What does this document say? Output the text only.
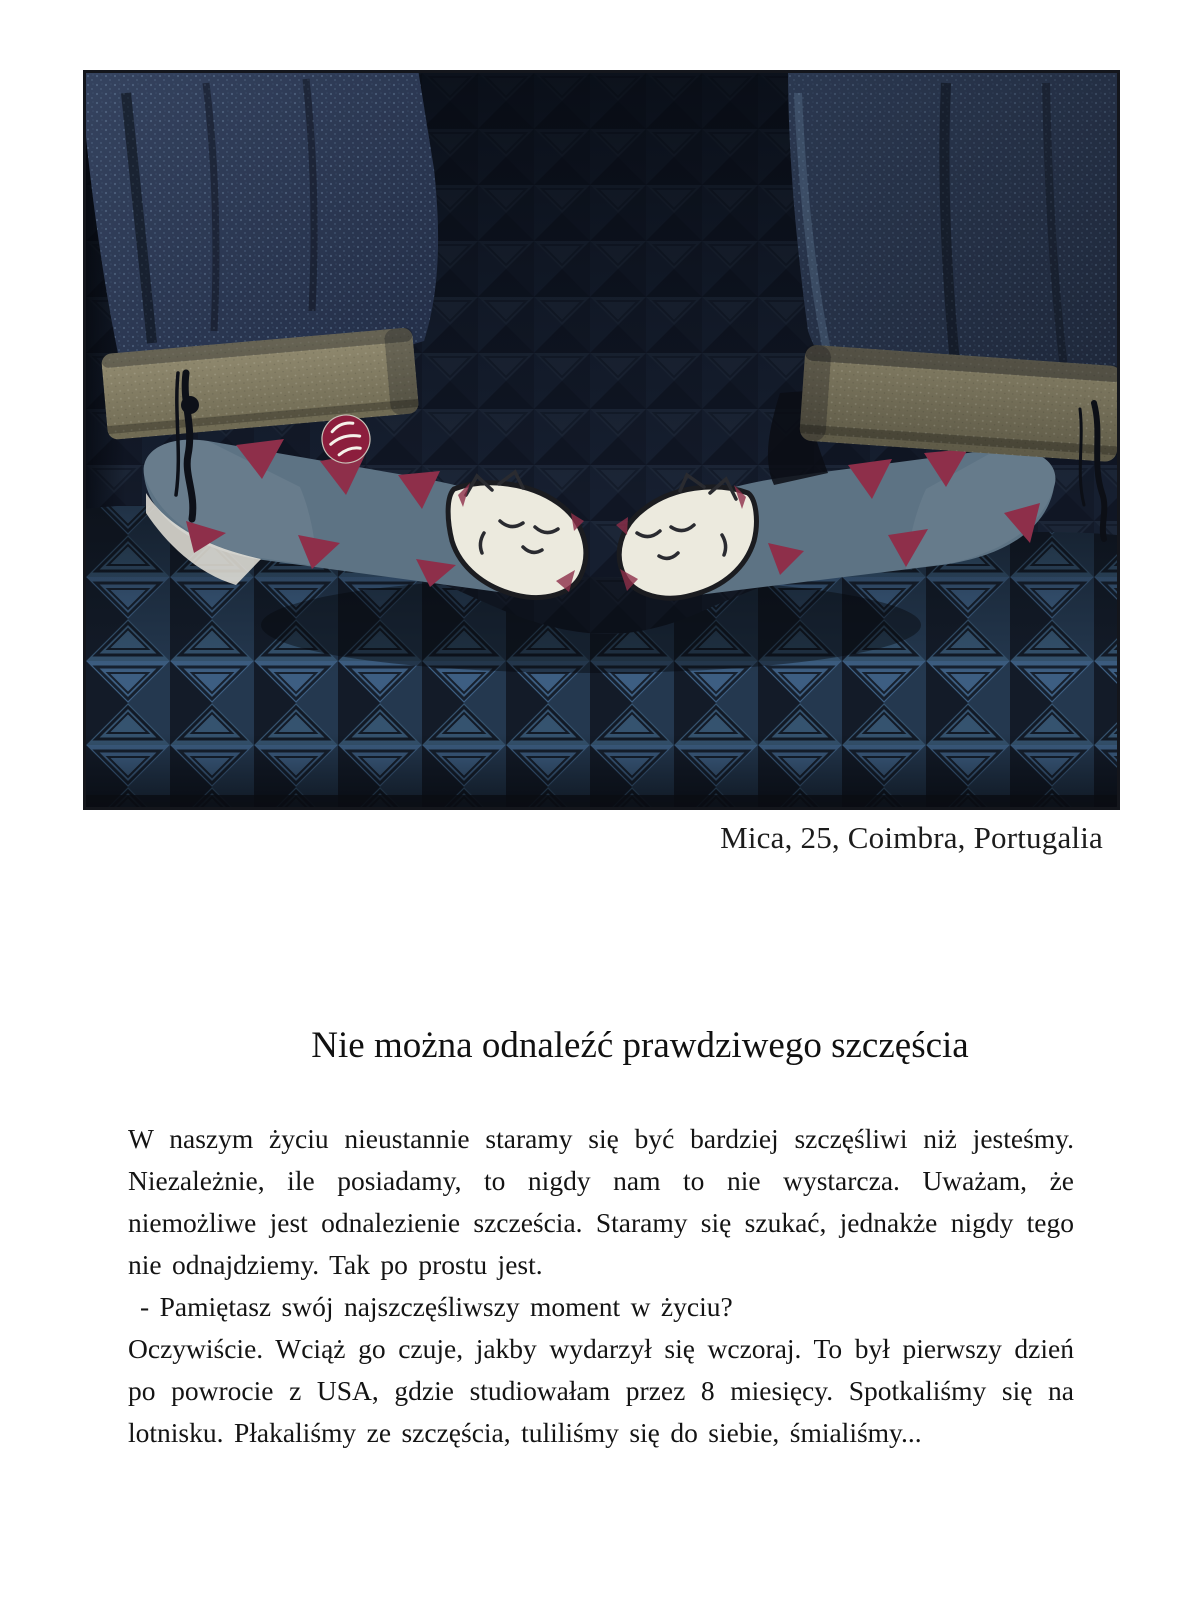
Mica, 25, Coimbra, Portugalia
Nie można odnaleźć prawdziwego szczęścia

W naszym życiu nieustannie staramy się być bardziej szczęśliwi niż jesteśmy. Niezależnie, ile posiadamy, to nigdy nam to nie wystarcza. Uważam, że niemożliwe jest odnalezienie szcześcia. Staramy się szukać, jednakże nigdy tego nie odnajdziemy. Tak po prostu jest.

- Pamiętasz swój najszczęśliwszy moment w życiu?

Oczywiście. Wciąż go czuje, jakby wydarzył się wczoraj. To był pierwszy dzień po powrocie z USA, gdzie studiowałam przez 8 miesięcy. Spotkaliśmy się na lotnisku. Płakaliśmy ze szczęścia, tuliliśmy się do siebie, śmialiśmy...
